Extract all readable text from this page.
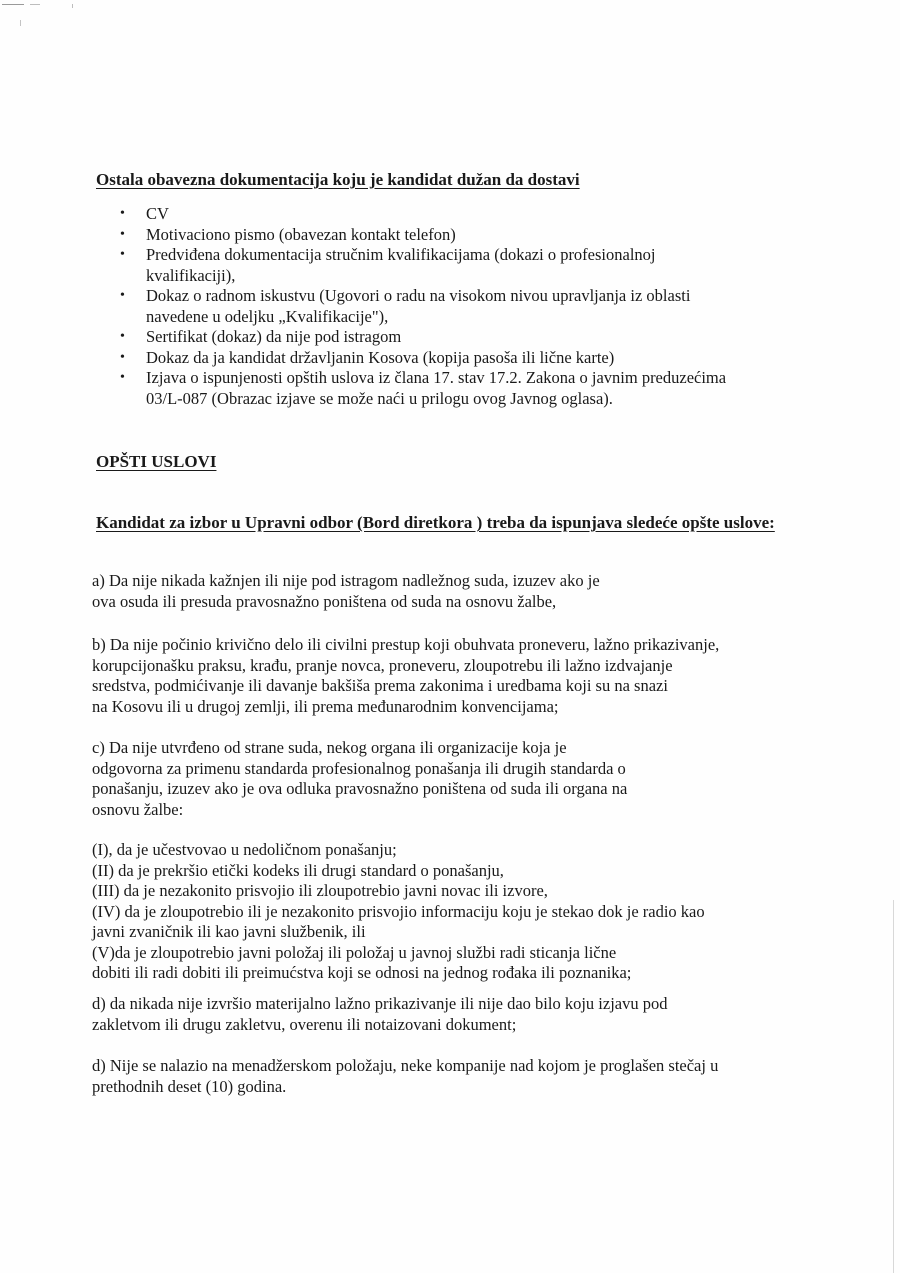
Ostala obavezna dokumentacija koju je kandidat dužan da dostavi

• CV
• Motivaciono pismo (obavezan kontakt telefon)
• Predviđena dokumentacija stručnim kvalifikacijama (dokazi o profesionalnoj
kvalifikaciji),
• Dokaz o radnom iskustvu (Ugovori o radu na visokom nivou upravljanja iz oblasti
navedene u odeljku „Kvalifikacije"),
• Sertifikat (dokaz) da nije pod istragom
• Dokaz da ja kandidat državljanin Kosova (kopija pasoša ili lične karte)
• Izjava o ispunjenosti opštih uslova iz člana 17. stav 17.2. Zakona o javnim preduzećima
03/L-087 (Obrazac izjave se može naći u prilogu ovog Javnog oglasa).

OPŠTI USLOVI

Kandidat za izbor u Upravni odbor (Bord diretkora ) treba da ispunjava sledeće opšte uslove:

a) Da nije nikada kažnjen ili nije pod istragom nadležnog suda, izuzev ako je
ova osuda ili presuda pravosnažno poništena od suda na osnovu žalbe,
b) Da nije počinio krivično delo ili civilni prestup koji obuhvata proneveru, lažno prikazivanje,
korupcijonašku praksu, krađu, pranje novca, proneveru, zloupotrebu ili lažno izdvajanje
sredstva, podmićivanje ili davanje bakšiša prema zakonima i uredbama koji su na snazi
na Kosovu ili u drugoj zemlji, ili prema međunarodnim konvencijama;
c) Da nije utvrđeno od strane suda, nekog organa ili organizacije koja je
odgovorna za primenu standarda profesionalnog ponašanja ili drugih standarda o
ponašanju, izuzev ako je ova odluka pravosnažno poništena od suda ili organa na
osnovu žalbe:
(I), da je učestvovao u nedoličnom ponašanju;
(II) da je prekršio etički kodeks ili drugi standard o ponašanju,
(III) da je nezakonito prisvojio ili zloupotrebio javni novac ili izvore,
(IV) da je zloupotrebio ili je nezakonito prisvojio informaciju koju je stekao dok je radio kao
javni zvaničnik ili kao javni službenik, ili
(V)da je zloupotrebio javni položaj ili položaj u javnoj službi radi sticanja lične
dobiti ili radi dobiti ili preimućstva koji se odnosi na jednog rođaka ili poznanika;
d) da nikada nije izvršio materijalno lažno prikazivanje ili nije dao bilo koju izjavu pod
zakletvom ili drugu zakletvu, overenu ili notaizovani dokument;
d) Nije se nalazio na menadžerskom položaju, neke kompanije nad kojom je proglašen stečaj u
prethodnih deset (10) godina.
